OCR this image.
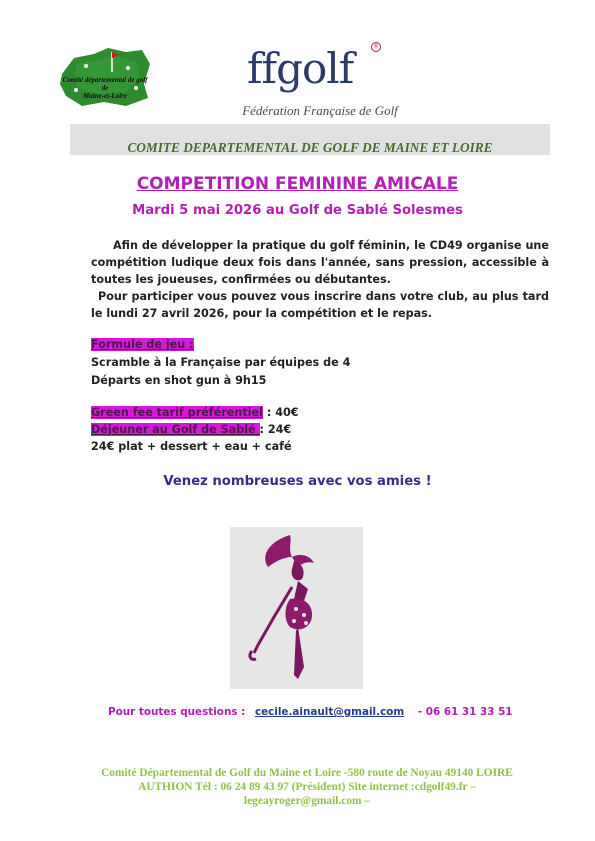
Comité départemental de golf
de
Maine-et-Loire
ffgolf	®
Fédération Française de Golf
COMITE DEPARTEMENTAL DE GOLF DE MAINE ET LOIRE
COMPETITION FEMININE AMICALE
Mardi 5 mai 2026 au Golf de Sablé Solesmes
Afin de développer la pratique du golf féminin, le CD49 organise une compétition ludique deux fois dans l'année, sans pression, accessible à toutes les joueuses, confirmées ou débutantes.
Pour participer vous pouvez vous inscrire dans votre club, au plus tard le lundi 27 avril 2026, pour la compétition et le repas.
Formule de jeu :
Scramble à la Française par équipes de 4
Départs en shot gun à 9h15
Green fee tarif préférentiel : 40€
Déjeuner au Golf de Sablé : 24€
24€ plat + dessert + eau + café
Venez nombreuses avec vos amies !
Pour toutes questions : cecile.ainault@gmail.com - 06 61 31 33 51
Comité Départemental de Golf du Maine et Loire -580 route de Noyau 49140 LOIRE
AUTHION Tél : 06 24 89 43 97 (Président) Site internet :cdgolf49.fr –
legeayroger@gmail.com –
